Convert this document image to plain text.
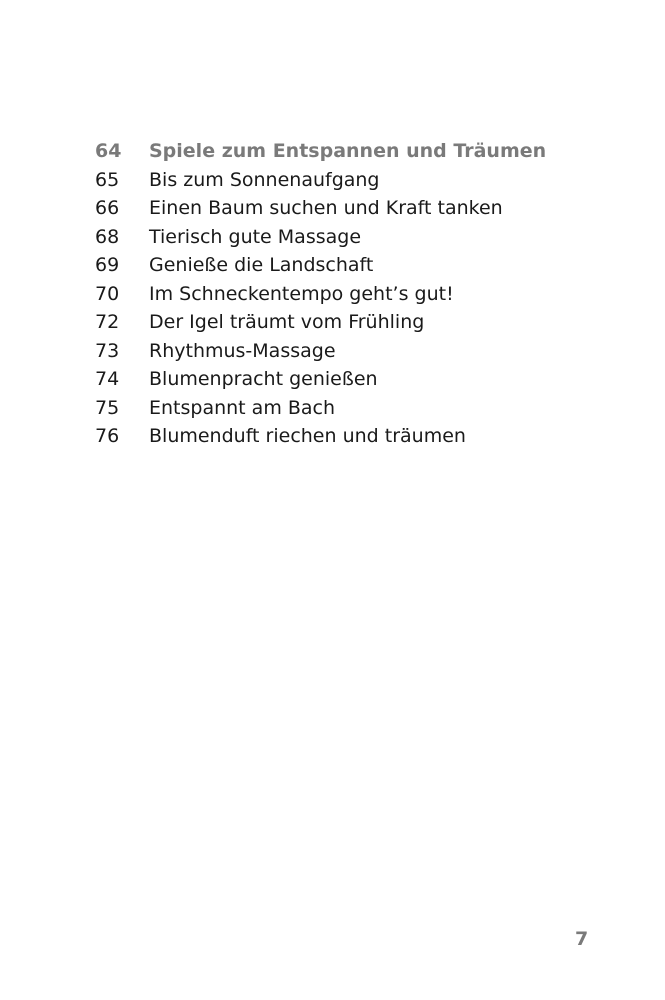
64	Spiele zum Entspannen und Träumen
65	Bis zum Sonnenaufgang
66	Einen Baum suchen und Kraft tanken
68	Tierisch gute Massage
69	Genieße die Landschaft
70	Im Schneckentempo geht’s gut!
72	Der Igel träumt vom Frühling
73	Rhythmus-Massage
74	Blumenpracht genießen
75	Entspannt am Bach
76	Blumenduft riechen und träumen
7
